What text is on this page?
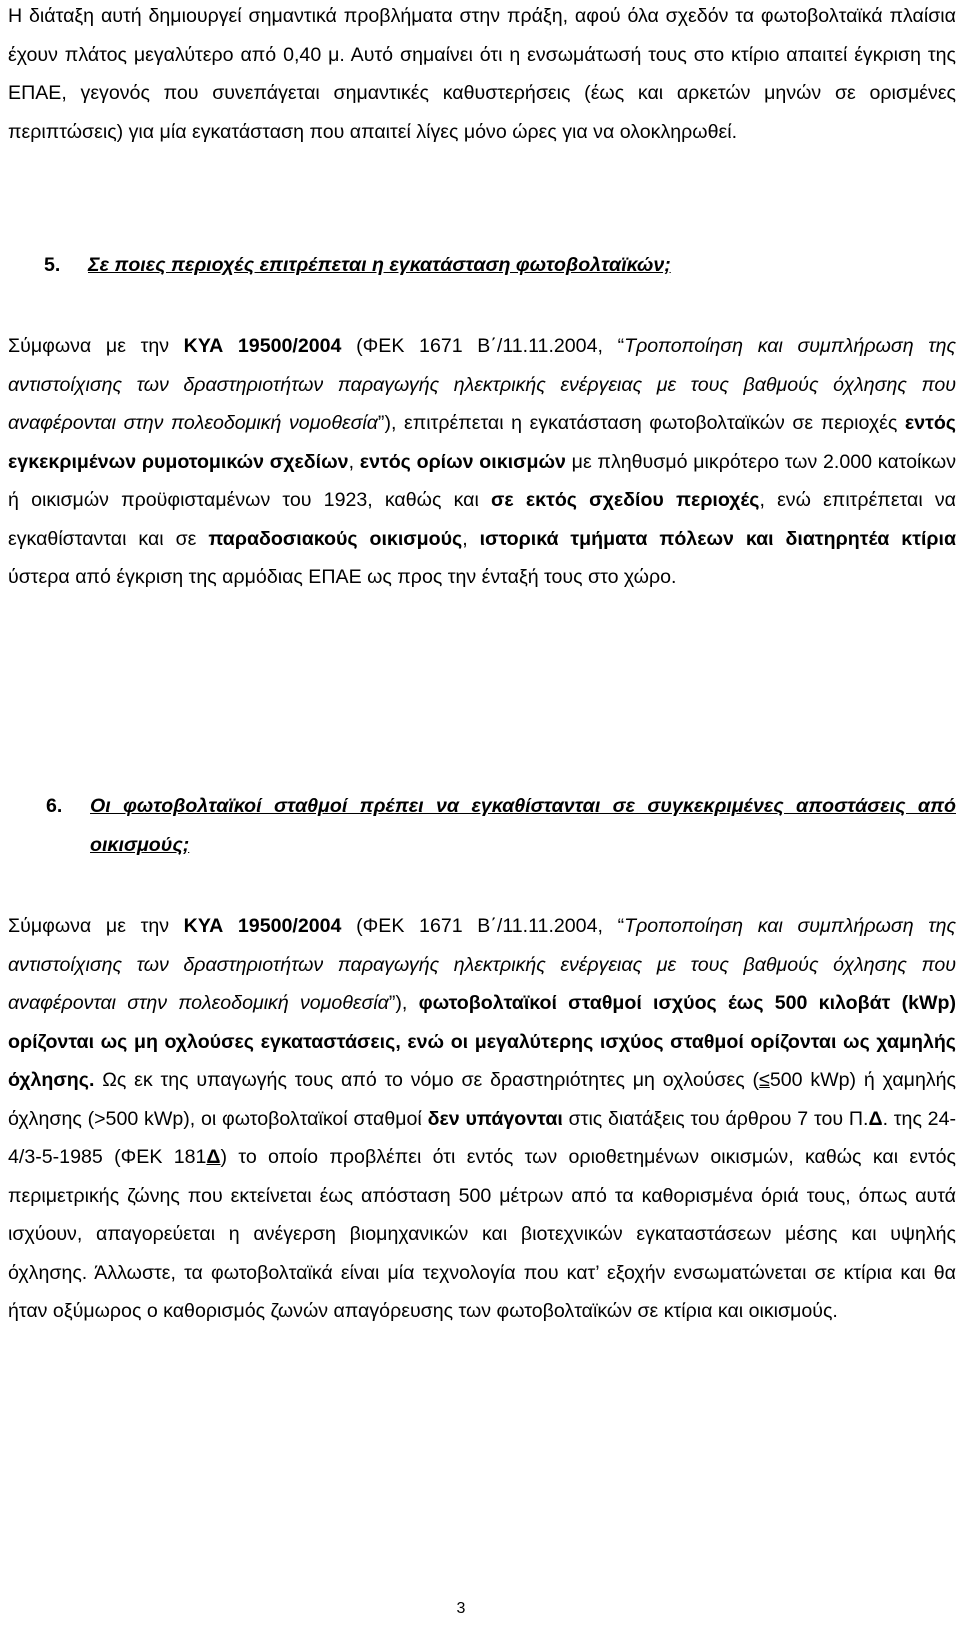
Η διάταξη αυτή δημιουργεί σημαντικά προβλήματα στην πράξη, αφού όλα σχεδόν τα φωτοβολταϊκά πλαίσια έχουν πλάτος μεγαλύτερο από 0,40 μ. Αυτό σημαίνει ότι η ενσωμάτωσή τους στο κτίριο απαιτεί έγκριση της ΕΠΑΕ, γεγονός που συνεπάγεται σημαντικές καθυστερήσεις (έως και αρκετών μηνών σε ορισμένες περιπτώσεις) για μία εγκατάσταση που απαιτεί λίγες μόνο ώρες για να ολοκληρωθεί.

5. Σε ποιες περιοχές επιτρέπεται η εγκατάσταση φωτοβολταϊκών;

Σύμφωνα με την ΚΥΑ 19500/2004 (ΦΕΚ 1671 Β΄/11.11.2004, “Τροποποίηση και συμπλήρωση της αντιστοίχισης των δραστηριοτήτων παραγωγής ηλεκτρικής ενέργειας με τους βαθμούς όχλησης που αναφέρονται στην πολεοδομική νομοθεσία”), επιτρέπεται η εγκατάσταση φωτοβολταϊκών σε περιοχές εντός εγκεκριμένων ρυμοτομικών σχεδίων, εντός ορίων οικισμών με πληθυσμό μικρότερο των 2.000 κατοίκων ή οικισμών προϋφισταμένων του 1923, καθώς και σε εκτός σχεδίου περιοχές, ενώ επιτρέπεται να εγκαθίστανται και σε παραδοσιακούς οικισμούς, ιστορικά τμήματα πόλεων και διατηρητέα κτίρια ύστερα από έγκριση της αρμόδιας ΕΠΑΕ ως προς την ένταξή τους στο χώρο.

6. Οι φωτοβολταϊκοί σταθμοί πρέπει να εγκαθίστανται σε συγκεκριμένες αποστάσεις από οικισμούς;

Σύμφωνα με την ΚΥΑ 19500/2004 (ΦΕΚ 1671 Β΄/11.11.2004, “Τροποποίηση και συμπλήρωση της αντιστοίχισης των δραστηριοτήτων παραγωγής ηλεκτρικής ενέργειας με τους βαθμούς όχλησης που αναφέρονται στην πολεοδομική νομοθεσία”), φωτοβολταϊκοί σταθμοί ισχύος έως 500 κιλοβάτ (kWp) ορίζονται ως μη οχλούσες εγκαταστάσεις, ενώ οι μεγαλύτερης ισχύος σταθμοί ορίζονται ως χαμηλής όχλησης. Ως εκ της υπαγωγής τους από το νόμο σε δραστηριότητες μη οχλούσες (≤500 kWp) ή χαμηλής όχλησης (>500 kWp), οι φωτοβολταϊκοί σταθμοί δεν υπάγονται στις διατάξεις του άρθρου 7 του Π.Δ. της 24-4/3-5-1985 (ΦΕΚ 181Δ) το οποίο προβλέπει ότι εντός των οριοθετημένων οικισμών, καθώς και εντός περιμετρικής ζώνης που εκτείνεται έως απόσταση 500 μέτρων από τα καθορισμένα όριά τους, όπως αυτά ισχύουν, απαγορεύεται η ανέγερση βιομηχανικών και βιοτεχνικών εγκαταστάσεων μέσης και υψηλής όχλησης. Άλλωστε, τα φωτοβολταϊκά είναι μία τεχνολογία που κατ’ εξοχήν ενσωματώνεται σε κτίρια και θα ήταν οξύμωρος ο καθορισμός ζωνών απαγόρευσης των φωτοβολταϊκών σε κτίρια και οικισμούς.

3
